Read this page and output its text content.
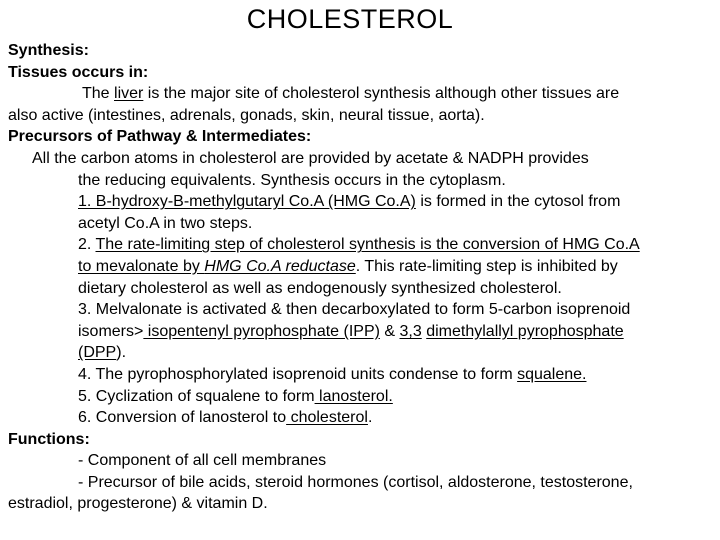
CHOLESTEROL
Synthesis:
Tissues occurs in:
The liver is the major site of cholesterol synthesis although other tissues are
also active (intestines, adrenals, gonads, skin, neural tissue, aorta).
Precursors of Pathway & Intermediates:
All the carbon atoms in cholesterol are provided by acetate & NADPH provides
the reducing equivalents. Synthesis occurs in the cytoplasm.
1. B-hydroxy-B-methylgutaryl Co.A (HMG Co.A) is formed in the cytosol from
acetyl Co.A in two steps.
2. The rate-limiting step of cholesterol synthesis is the conversion of HMG Co.A
to mevalonate by HMG Co.A reductase. This rate-limiting step is inhibited by
dietary cholesterol as well as endogenously synthesized cholesterol.
3. Melvalonate is activated & then decarboxylated to form 5-carbon isoprenoid
isomers> isopentenyl pyrophosphate (IPP) & 3,3 dimethylallyl pyrophosphate
(DPP).
4. The pyrophosphorylated isoprenoid units condense to form squalene.
5. Cyclization of squalene to form lanosterol.
6. Conversion of lanosterol to cholesterol.
Functions:
- Component of all cell membranes
- Precursor of bile acids, steroid hormones (cortisol, aldosterone, testosterone,
estradiol, progesterone) & vitamin D.
